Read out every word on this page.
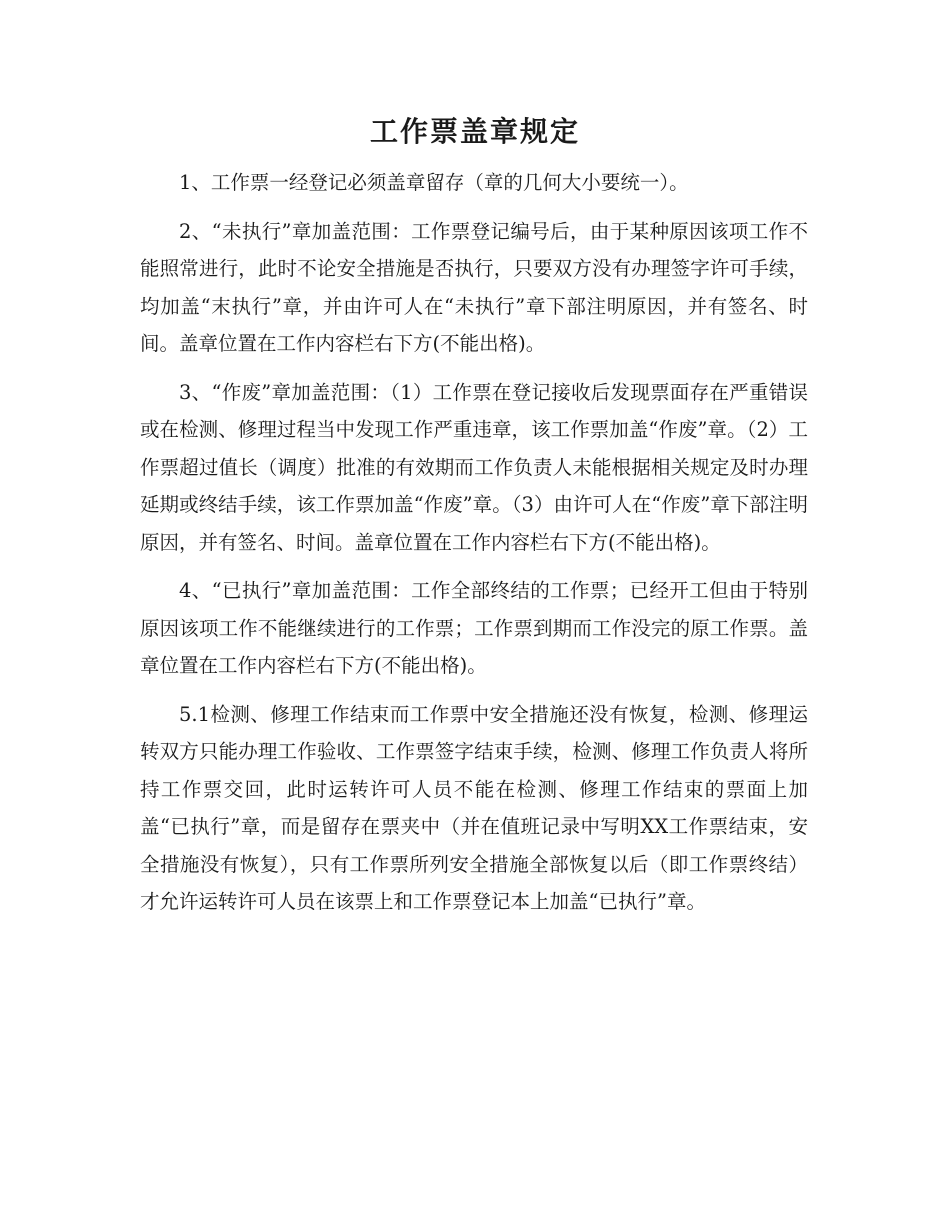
工作票盖章规定

1、工作票一经登记必须盖章留存（章的几何大小要统一）。

2、“未执行”章加盖范围：工作票登记编号后，由于某种原因该项工作不能照常进行，此时不论安全措施是否执行，只要双方没有办理签字许可手续，均加盖“末执行”章，并由许可人在“未执行”章下部注明原因，并有签名、时间。盖章位置在工作内容栏右下方(不能出格)。

3、“作废”章加盖范围：（1）工作票在登记接收后发现票面存在严重错误或在检测、修理过程当中发现工作严重违章，该工作票加盖“作废”章。（2）工作票超过值长（调度）批准的有效期而工作负责人未能根据相关规定及时办理延期或终结手续，该工作票加盖“作废”章。（3）由许可人在“作废”章下部注明原因，并有签名、时间。盖章位置在工作内容栏右下方(不能出格)。

4、“已执行”章加盖范围：工作全部终结的工作票；已经开工但由于特别原因该项工作不能继续进行的工作票；工作票到期而工作没完的原工作票。盖章位置在工作内容栏右下方(不能出格)。

5.1检测、修理工作结束而工作票中安全措施还没有恢复，检测、修理运转双方只能办理工作验收、工作票签字结束手续，检测、修理工作负责人将所持工作票交回，此时运转许可人员不能在检测、修理工作结束的票面上加盖“已执行”章，而是留存在票夹中（并在值班记录中写明XX工作票结束，安全措施没有恢复），只有工作票所列安全措施全部恢复以后（即工作票终结）才允许运转许可人员在该票上和工作票登记本上加盖“已执行”章。
